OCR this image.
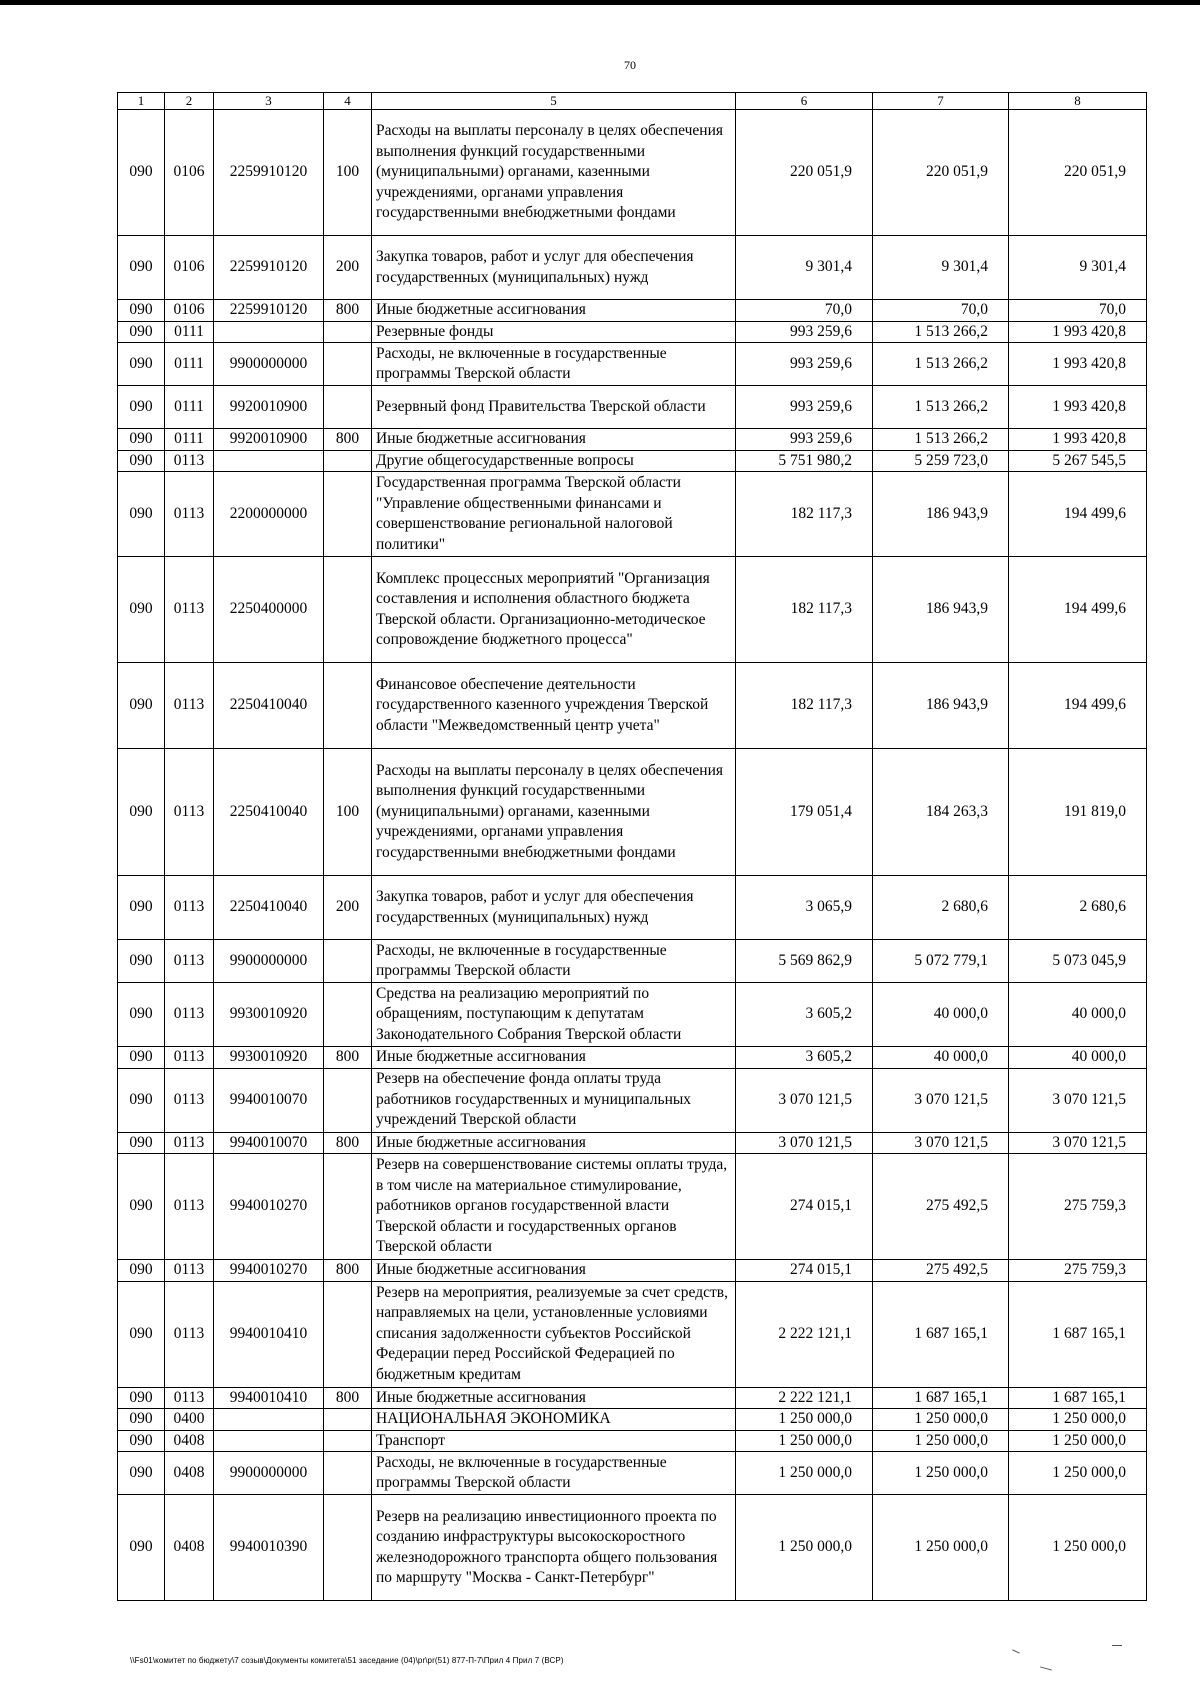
70
1	2	3	4	5	6	7	8
090	0106	2259910120	100	Расходы на выплаты персоналу в целях обеспечения выполнения функций государственными (муниципальными) органами, казенными учреждениями, органами управления государственными внебюджетными фондами	220 051,9	220 051,9	220 051,9
090	0106	2259910120	200	Закупка товаров, работ и услуг для обеспечения государственных (муниципальных) нужд	9 301,4	9 301,4	9 301,4
090	0106	2259910120	800	Иные бюджетные ассигнования	70,0	70,0	70,0
090	0111			Резервные фонды	993 259,6	1 513 266,2	1 993 420,8
090	0111	9900000000		Расходы, не включенные в государственные программы Тверской области	993 259,6	1 513 266,2	1 993 420,8
090	0111	9920010900		Резервный фонд Правительства Тверской области	993 259,6	1 513 266,2	1 993 420,8
090	0111	9920010900	800	Иные бюджетные ассигнования	993 259,6	1 513 266,2	1 993 420,8
090	0113			Другие общегосударственные вопросы	5 751 980,2	5 259 723,0	5 267 545,5
090	0113	2200000000		Государственная программа Тверской области "Управление общественными финансами и совершенствование региональной налоговой политики"	182 117,3	186 943,9	194 499,6
090	0113	2250400000		Комплекс процессных мероприятий "Организация составления и исполнения областного бюджета Тверской области. Организационно-методическое сопровождение бюджетного процесса"	182 117,3	186 943,9	194 499,6
090	0113	2250410040		Финансовое обеспечение деятельности государственного казенного учреждения Тверской области "Межведомственный центр учета"	182 117,3	186 943,9	194 499,6
090	0113	2250410040	100	Расходы на выплаты персоналу в целях обеспечения выполнения функций государственными (муниципальными) органами, казенными учреждениями, органами управления государственными внебюджетными фондами	179 051,4	184 263,3	191 819,0
090	0113	2250410040	200	Закупка товаров, работ и услуг для обеспечения государственных (муниципальных) нужд	3 065,9	2 680,6	2 680,6
090	0113	9900000000		Расходы, не включенные в государственные программы Тверской области	5 569 862,9	5 072 779,1	5 073 045,9
090	0113	9930010920		Средства на реализацию мероприятий по обращениям, поступающим к депутатам Законодательного Собрания Тверской области	3 605,2	40 000,0	40 000,0
090	0113	9930010920	800	Иные бюджетные ассигнования	3 605,2	40 000,0	40 000,0
090	0113	9940010070		Резерв на обеспечение фонда оплаты труда работников государственных и муниципальных учреждений Тверской области	3 070 121,5	3 070 121,5	3 070 121,5
090	0113	9940010070	800	Иные бюджетные ассигнования	3 070 121,5	3 070 121,5	3 070 121,5
090	0113	9940010270		Резерв на совершенствование системы оплаты труда, в том числе на материальное стимулирование, работников органов государственной власти Тверской области и государственных органов Тверской области	274 015,1	275 492,5	275 759,3
090	0113	9940010270	800	Иные бюджетные ассигнования	274 015,1	275 492,5	275 759,3
090	0113	9940010410		Резерв на мероприятия, реализуемые за счет средств, направляемых на цели, установленные условиями списания задолженности субъектов Российской Федерации перед Российской Федерацией по бюджетным кредитам	2 222 121,1	1 687 165,1	1 687 165,1
090	0113	9940010410	800	Иные бюджетные ассигнования	2 222 121,1	1 687 165,1	1 687 165,1
090	0400			НАЦИОНАЛЬНАЯ ЭКОНОМИКА	1 250 000,0	1 250 000,0	1 250 000,0
090	0408			Транспорт	1 250 000,0	1 250 000,0	1 250 000,0
090	0408	9900000000		Расходы, не включенные в государственные программы Тверской области	1 250 000,0	1 250 000,0	1 250 000,0
090	0408	9940010390		Резерв на реализацию инвестиционного проекта по созданию инфраструктуры высокоскоростного железнодорожного транспорта общего пользования по маршруту "Москва - Санкт-Петербург"	1 250 000,0	1 250 000,0	1 250 000,0
\\Fs01\комитет по бюджету\7 созыв\Документы комитета\51 заседание (04)\pr\pr(51) 877-П-7\Прил 4 Прил 7 (ВСР)
